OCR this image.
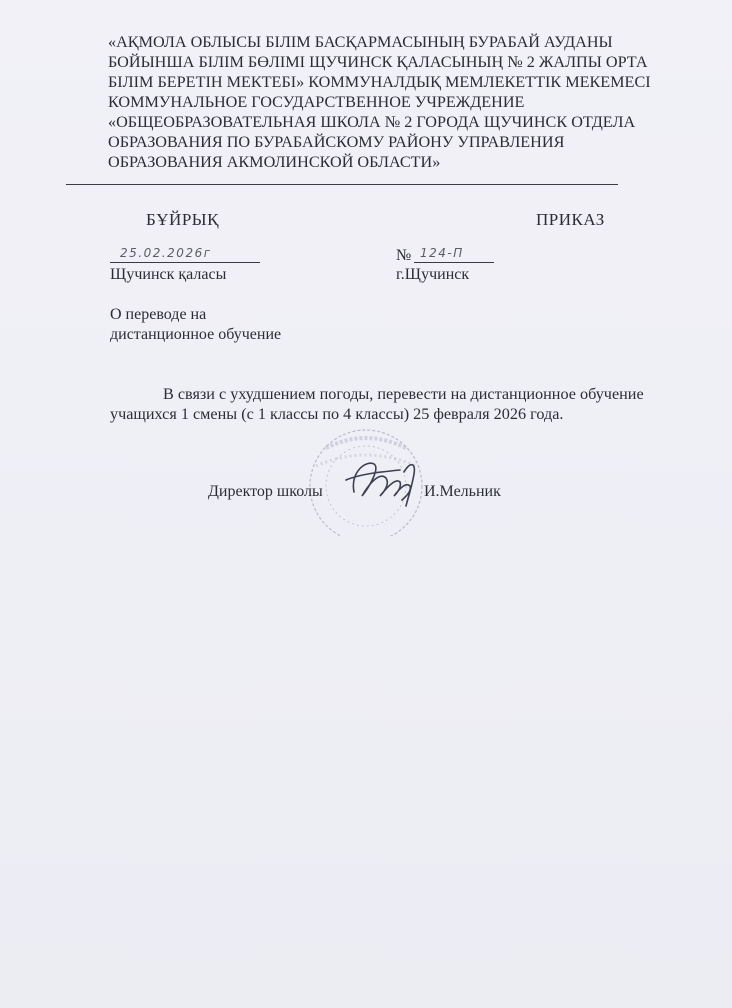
«АҚМОЛА ОБЛЫСЫ БІЛІМ БАСҚАРМАСЫНЫҢ БУРАБАЙ АУДАНЫ
БОЙЫНША БІЛІМ БӨЛІМІ ЩУЧИНСК ҚАЛАСЫНЫҢ № 2 ЖАЛПЫ ОРТА
БІЛІМ БЕРЕТІН МЕКТЕБІ» КОММУНАЛДЫҚ МЕМЛЕКЕТТІК МЕКЕМЕСІ
КОММУНАЛЬНОЕ ГОСУДАРСТВЕННОЕ УЧРЕЖДЕНИЕ
«ОБЩЕОБРАЗОВАТЕЛЬНАЯ ШКОЛА № 2 ГОРОДА ЩУЧИНСК ОТДЕЛА
ОБРАЗОВАНИЯ ПО БУРАБАЙСКОМУ РАЙОНУ УПРАВЛЕНИЯ
ОБРАЗОВАНИЯ АКМОЛИНСКОЙ ОБЛАСТИ»
БҰЙРЫҚ	ПРИКАЗ
25.02.2026г	№ 124-П
Щучинск қаласы	г.Щучинск
О переводе на
дистанционное обучение
В связи с ухудшением погоды, перевести на дистанционное обучение
учащихся 1 смены (с 1 классы по 4 классы) 25 февраля 2026 года.
Директор школы	И.Мельник
